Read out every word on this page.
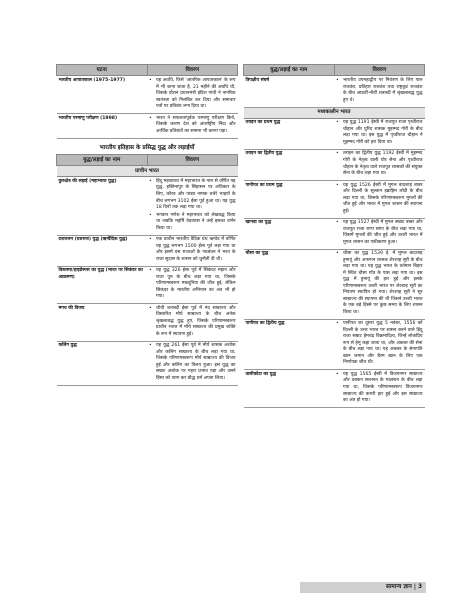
घटना	विवरण
भारतीय आपातकाल (1975-1977)	• यह अवधि, जिसे 'आंतरिक आपातकाल' के रूप में भी जाना जाता है, 21 महीने की अवधि थी, जिसके दौरान प्रधानमंत्री इंदिरा गांधी ने नागरिक स्वतंत्रता को निलंबित कर दिया और समाचार पत्रों पर प्रतिबंध लगा दिया था।

भारतीय परमाणु परीक्षण (1998)	• भारत ने सफलतापूर्वक परमाणु परीक्षण किये, जिसके कारण देश को अंतर्राष्ट्रीय निंदा और आर्थिक प्रतिबंधों का सामना भी करना पड़ा।
भारतीय इतिहास के प्रसिद्ध युद्ध और लड़ाईयाँ
युद्ध/लड़ाई का नाम	विवरण
प्राचीन भारत	
कुरुक्षेत्र की लड़ाई (महाभारत युद्ध)	• हिंदू महाकाव्य में महाभारत के नाम से वर्णित यह युद्ध, हस्तिनापुर के सिंहासन पर अधिकार के लिए, कौरव और पांडव नामक चचेरे भाइयों के बीच लगभग 3102 ईसा पूर्व हुआ था। यह युद्ध 18 दिनों तक लड़ा गया था।
• भगवान गणेश ने महाभारत को लेखबद्ध किया था जबकि महर्षि वेदव्यास ने उन्हें इसका वर्णन किया था।

दशराजन (दशराज) युद्ध (ऋग्वैदिक युद्ध)	• एक प्राचीन भारतीय वैदिक ग्रंथ ऋग्वेद में वर्णित यह युद्ध लगभग 1500 ईसा पूर्व लड़ा गया था और इसमें दस राजाओं के गठबंधन ने भरत के राजा सुदास के शासन को चुनौती दी थी।

विस्तस्पा/हाइडेस्पस का युद्ध (भारत पर सिकंदर का आक्रमण)	• यह युद्ध 326 ईसा पूर्व में सिकंदर महान और राजा पुरु के बीच लड़ा गया था, जिसके परिणामस्वरूप मकदूनिया की जीत हुई, लेकिन सिकंदर के भारतीय अभियान का अंत भी हो गया।

मगध की विजय	• चौथी शताब्दी ईसा पूर्व में नंद साम्राज्य और विस्तारित मौर्य साम्राज्य के बीच अनेक श्रृंखलाबद्ध युद्ध हुए, जिसके परिणामस्वरूप प्राचीन भारत में मौर्य साम्राज्य की प्रमुख शक्ति के रूप में स्थापना हुई।

कलिंग युद्ध	• यह युद्ध 261 ईसा पूर्व में मौर्य शासक अशोक और कलिंग साम्राज्य के बीच लड़ा गया था, जिसके परिणामस्वरूप मौर्य साम्राज्य की विजय हुई और कलिंग का विलय हुआ। इस युद्ध का सम्राट अशोक पर गहरा प्रभाव पड़ा और उसने हिंसा को त्याग कर बौद्ध धर्म अपना लिया।
युद्ध/लड़ाई का नाम	विवरण
त्रिपक्षीय संघर्ष	• भारतीय उपमहाद्वीप पर नियंत्रण के लिए पाल राजवंश, प्रतिहार राजवंश तथा राष्ट्रकूट राजवंश के बीच आठवीं-नौवीं शताब्दी में श्रृंखलाबद्ध युद्ध हुए थे।

मध्यकालीन भारत	
तराइन का प्रथम युद्ध	• यह युद्ध 1191 ईस्वी में राजपूत राजा पृथ्वीराज चौहान और घुरिद शासक मुहम्मद गोरी के बीच लड़ा गया था। इस युद्ध में पृथ्वीराज चौहान ने मुहम्मद गोरी को हरा दिया था।

तराइन का द्वितीय युद्ध	• तराइन का द्वितीय युद्ध 1192 ईस्वी में मुहम्मद गोरी के नेतृत्व वाली घोर सेना और पृथ्वीराज चौहान के नेतृत्व वाले राजपूत शासकों की संयुक्त सेना के बीच लड़ा गया था।

पानीपत का प्रथम युद्ध	• यह युद्ध 1526 ईस्वी में मुगल बादशाह बाबर और दिल्ली के सुल्तान इब्राहिम लोदी के बीच लड़ा गया था, जिसके परिणामस्वरूप मुगलों की जीत हुई और भारत में मुगल शासन की स्थापना हुई।

खानवा का युद्ध	• यह युद्ध 1527 ईस्वी में मुगल सम्राट बाबर और राजपूत राजा राणा सांगा के बीच लड़ा गया था, जिसमें मुगलों की जीत हुई और उत्तरी भारत में मुगल शासन का एकीकरण हुआ।

चौसा का युद्ध	• चौसा का युद्ध 1539 ई. में मुगल बादशाह हुमायूं और अफगान शासक शेरशाह सूरी के बीच लड़ा गया था। यह युद्ध भारत के वर्तमान बिहार में स्थित चौसा गाँव के पास लड़ा गया था। इस युद्ध में हुमायूं की हार हुई और इसके परिणामस्वरूप उत्तरी भारत पर शेरशाह सूरी का नियंत्रण स्थापित हो गया। शेरशाह सूरी ने सूर साम्राज्य की स्थापना की थी जिसने उत्तरी भारत के एक बड़े हिस्से पर कुछ समय के लिए शासन किया था।

पानीपत का द्वितीय युद्ध	• पानीपत का दूसरा युद्ध 5 नवंबर, 1556 को दिल्ली के उत्तर भारत पर शासन करने वाले हिंदू राजा सम्राट हेमचंद्र विक्रमादित्य, जिन्हें लोकप्रिय रूप से हेमू कहा जाता था, और अकबर की सेना के बीच लड़ा गया था। यह अकबर के सेनापति खान जमान और बैरम खान के लिए एक निर्णायक जीत थी।

तालीकोटा का युद्ध	• यह युद्ध 1565 ईस्वी में विजयनगर साम्राज्य और दक्कन सल्तनत के गठबंधन के बीच लड़ा गया था, जिसके परिणामस्वरूप विजयनगर साम्राज्य की करारी हार हुई और इस साम्राज्य का अंत हो गया।
सामान्य ज्ञान | 3
